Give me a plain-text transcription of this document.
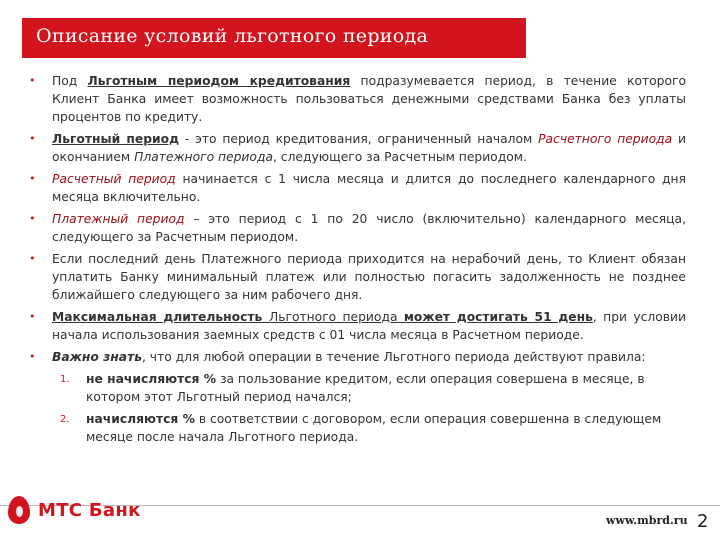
Описание условий льготного периода
• Под Льготным периодом кредитования подразумевается период, в течение которого Клиент Банка имеет возможность пользоваться денежными средствами Банка без уплаты процентов по кредиту.
• Льготный период - это период кредитования, ограниченный началом Расчетного периода и окончанием Платежного периода, следующего за Расчетным периодом.
• Расчетный период начинается с 1 числа месяца и длится до последнего календарного дня месяца включительно.
• Платежный период – это период с 1 по 20 число (включительно) календарного месяца, следующего за Расчетным периодом.
• Если последний день Платежного периода приходится на нерабочий день, то Клиент обязан уплатить Банку минимальный платеж или полностью погасить задолженность не позднее ближайшего следующего за ним рабочего дня.
• Максимальная длительность Льготного периода может достигать 51 день, при условии начала использования заемных средств с 01 числа месяца в Расчетном периоде.
• Важно знать, что для любой операции в течение Льготного периода действуют правила:
1. не начисляются % за пользование кредитом, если операция совершена в месяце, в котором этот Льготный период начался;
2. начисляются % в соответствии с договором, если операция совершенна в следующем месяце после начала Льготного периода.
МТС Банк	www.mbrd.ru 2
